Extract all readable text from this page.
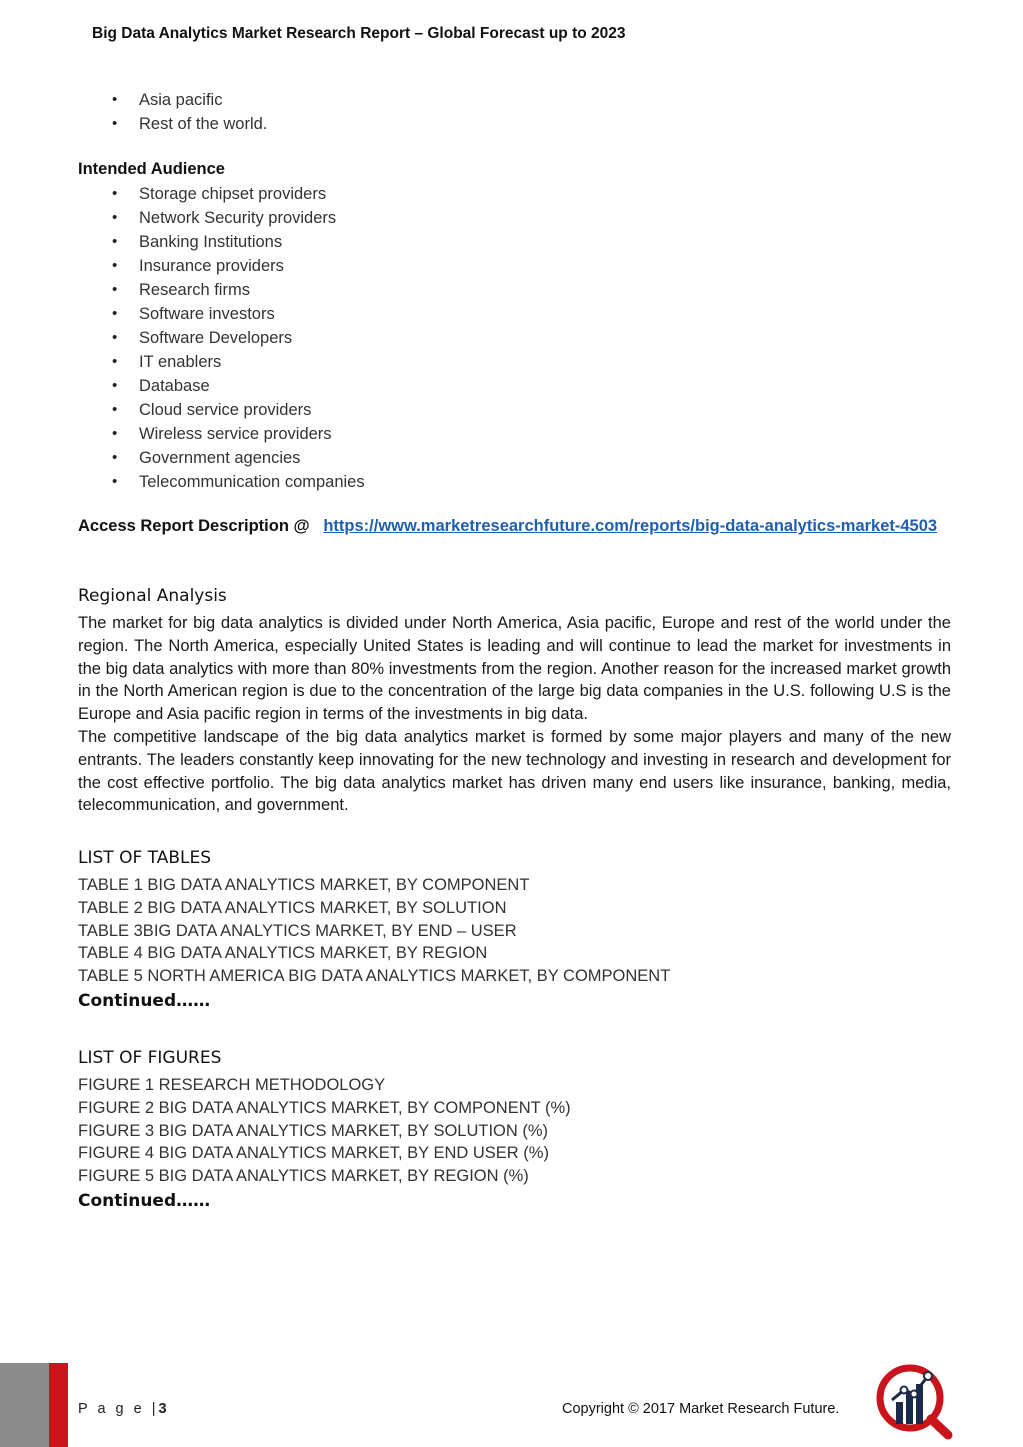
Big Data Analytics Market Research Report – Global Forecast up to 2023
• Asia pacific
• Rest of the world.
Intended Audience
• Storage chipset providers
• Network Security providers
• Banking Institutions
• Insurance providers
• Research firms
• Software investors
• Software Developers
• IT enablers
• Database
• Cloud service providers
• Wireless service providers
• Government agencies
• Telecommunication companies
Access Report Description @ https://www.marketresearchfuture.com/reports/big-data-analytics-market-4503
Regional Analysis

The market for big data analytics is divided under North America, Asia pacific, Europe and rest of the world under the region. The North America, especially United States is leading and will continue to lead the market for investments in the big data analytics with more than 80% investments from the region. Another reason for the increased market growth in the North American region is due to the concentration of the large big data companies in the U.S. following U.S is the Europe and Asia pacific region in terms of the investments in big data.

The competitive landscape of the big data analytics market is formed by some major players and many of the new entrants. The leaders constantly keep innovating for the new technology and investing in research and development for the cost effective portfolio. The big data analytics market has driven many end users like insurance, banking, media, telecommunication, and government.

LIST OF TABLES
TABLE 1 BIG DATA ANALYTICS MARKET, BY COMPONENT
TABLE 2 BIG DATA ANALYTICS MARKET, BY SOLUTION
TABLE 3BIG DATA ANALYTICS MARKET, BY END – USER
TABLE 4 BIG DATA ANALYTICS MARKET, BY REGION
TABLE 5 NORTH AMERICA BIG DATA ANALYTICS MARKET, BY COMPONENT
Continued……
LIST OF FIGURES
FIGURE 1 RESEARCH METHODOLOGY
FIGURE 2 BIG DATA ANALYTICS MARKET, BY COMPONENT (%)
FIGURE 3 BIG DATA ANALYTICS MARKET, BY SOLUTION (%)
FIGURE 4 BIG DATA ANALYTICS MARKET, BY END USER (%)
FIGURE 5 BIG DATA ANALYTICS MARKET, BY REGION (%)
Continued……
P a g e |3	Copyright © 2017 Market Research Future.
